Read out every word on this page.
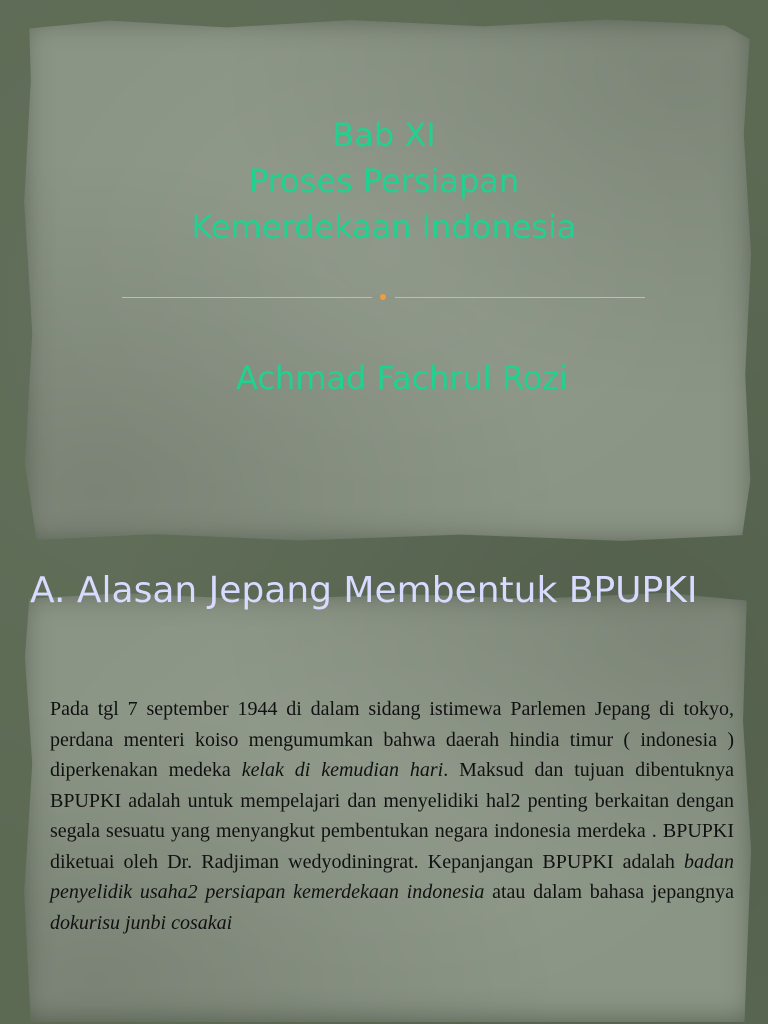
Bab XI
Proses Persiapan
Kemerdekaan Indonesia
Achmad Fachrul Rozi
A. Alasan Jepang Membentuk BPUPKI
Pada tgl 7 september 1944 di dalam sidang istimewa Parlemen Jepang di tokyo, perdana menteri koiso mengumumkan bahwa daerah hindia timur ( indonesia ) diperkenakan medeka kelak di kemudian hari. Maksud dan tujuan dibentuknya BPUPKI adalah untuk mempelajari dan menyelidiki hal2 penting berkaitan dengan segala sesuatu yang menyangkut pembentukan negara indonesia merdeka . BPUPKI diketuai oleh Dr. Radjiman wedyodiningrat. Kepanjangan BPUPKI adalah badan penyelidik usaha2 persiapan kemerdekaan indonesia atau dalam bahasa jepangnya dokurisu junbi cosakai
